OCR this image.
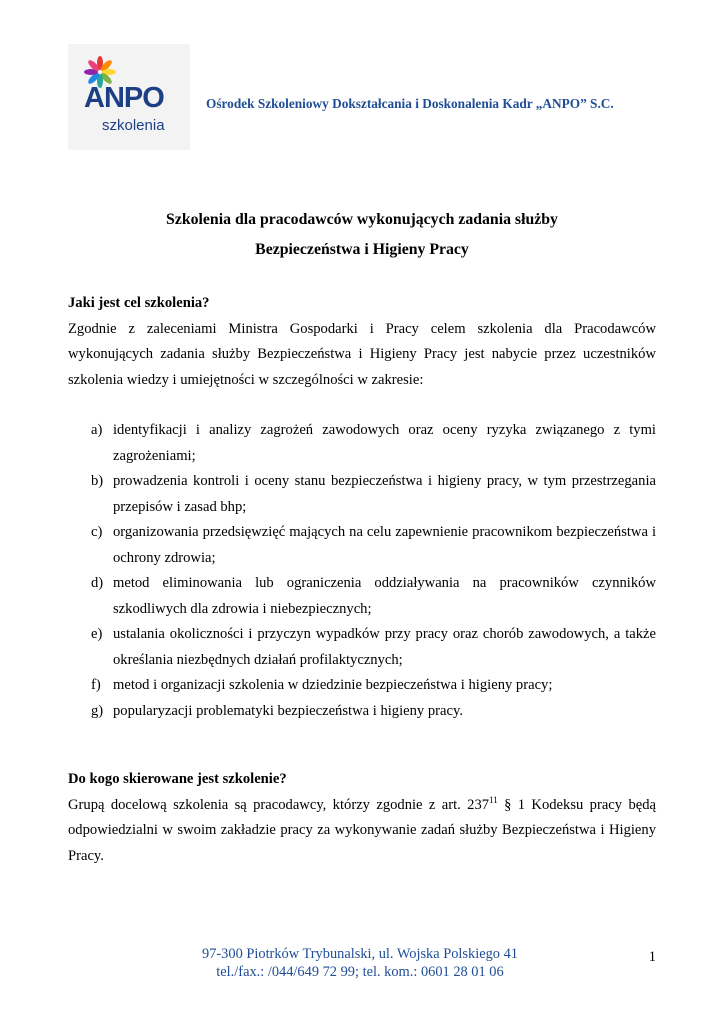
ANPO
szkolenia
Ośrodek Szkoleniowy Dokształcania i Doskonalenia Kadr „ANPO” S.C.
Szkolenia dla pracodawców wykonujących zadania służby
Bezpieczeństwa i Higieny Pracy
Jaki jest cel szkolenia?
Zgodnie z zaleceniami Ministra Gospodarki i Pracy celem szkolenia dla Pracodawców wykonujących zadania służby Bezpieczeństwa i Higieny Pracy jest nabycie przez uczestników szkolenia wiedzy i umiejętności w szczególności w zakresie:
a) identyfikacji i analizy zagrożeń zawodowych oraz oceny ryzyka związanego z tymi zagrożeniami;
b) prowadzenia kontroli i oceny stanu bezpieczeństwa i higieny pracy, w tym przestrzegania przepisów i zasad bhp;
c) organizowania przedsięwzięć mających na celu zapewnienie pracownikom bezpieczeństwa i ochrony zdrowia;
d) metod eliminowania lub ograniczenia oddziaływania na pracowników czynników szkodliwych dla zdrowia i niebezpiecznych;
e) ustalania okoliczności i przyczyn wypadków przy pracy oraz chorób zawodowych, a także określania niezbędnych działań profilaktycznych;
f) metod i organizacji szkolenia w dziedzinie bezpieczeństwa i higieny pracy;
g) popularyzacji problematyki bezpieczeństwa i higieny pracy.
Do kogo skierowane jest szkolenie?
Grupą docelową szkolenia są pracodawcy, którzy zgodnie z art. $237^{11}$ § 1 Kodeksu pracy będą odpowiedzialni w swoim zakładzie pracy za wykonywanie zadań służby Bezpieczeństwa i Higieny Pracy.
97-300 Piotrków Trybunalski, ul. Wojska Polskiego 41
tel./fax.: /044/649 72 99; tel. kom.: 0601 28 01 06
1
